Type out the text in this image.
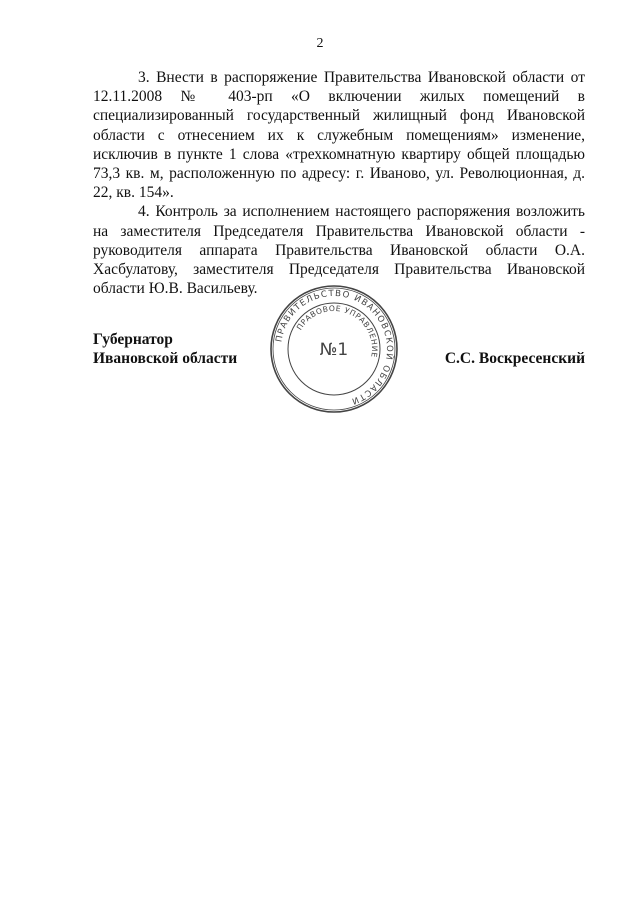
2

3. Внести в распоряжение Правительства Ивановской области от 12.11.2008 № 403-рп «О включении жилых помещений в специализированный государственный жилищный фонд Ивановской области с отнесением их к служебным помещениям» изменение, исключив в пункте 1 слова «трехкомнатную квартиру общей площадью 73,3 кв. м, расположенную по адресу: г. Иваново, ул. Революционная, д. 22, кв. 154».

4. Контроль за исполнением настоящего распоряжения возложить на заместителя Председателя Правительства Ивановской области - руководителя аппарата Правительства Ивановской области О.А. Хасбулатову, заместителя Председателя Правительства Ивановской области Ю.В. Васильеву.

ПРАВИТЕЛЬСТВО ИВАНОВСКОЙ ОБЛАСТИ
ПРАВОВОЕ УПРАВЛЕНИЕ
№1
Губернатор
Ивановской области	С.С. Воскресенский
